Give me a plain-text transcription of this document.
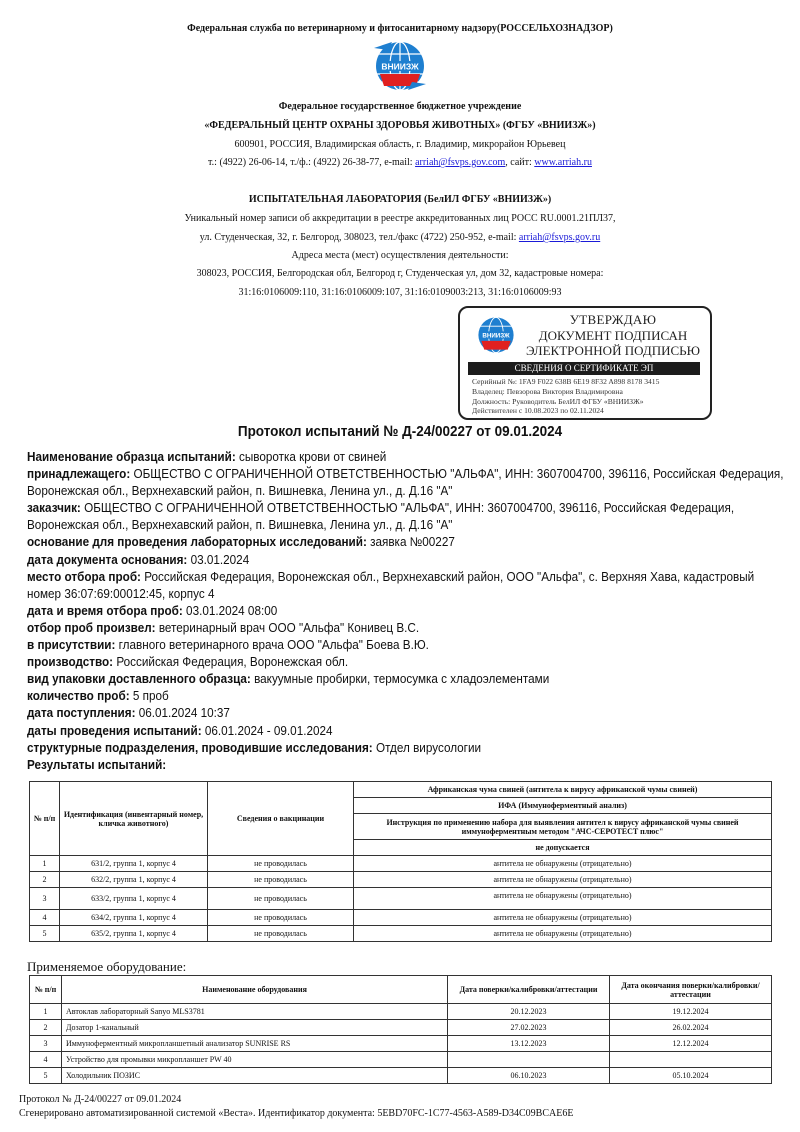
Федеральная служба по ветеринарному и фитосанитарному надзору(РОССЕЛЬХОЗНАДЗОР)
ВНИИЗЖ
Федеральное государственное бюджетное учреждение
«ФЕДЕРАЛЬНЫЙ ЦЕНТР ОХРАНЫ ЗДОРОВЬЯ ЖИВОТНЫХ» (ФГБУ «ВНИИЗЖ»)
600901, РОССИЯ, Владимирская область, г. Владимир, микрорайон Юрьевец
т.: (4922) 26-06-14, т./ф.: (4922) 26-38-77, e-mail: arriah@fsvps.gov.com, сайт: www.arriah.ru
ИСПЫТАТЕЛЬНАЯ ЛАБОРАТОРИЯ (БелИЛ ФГБУ «ВНИИЗЖ»)
Уникальный номер записи об аккредитации в реестре аккредитованных лиц РОСС RU.0001.21ПЛ37,
ул. Студенческая, 32, г. Белгород, 308023, тел./факс (4722) 250-952, e-mail: arriah@fsvps.gov.ru
Адреса места (мест) осуществления деятельности:
308023, РОССИЯ, Белгородская обл, Белгород г, Студенческая ул, дом 32, кадастровые номера:
31:16:0106009:110, 31:16:0106009:107, 31:16:0109003:213, 31:16:0106009:93
ВНИИЗЖ
УТВЕРЖДАЮ
ДОКУМЕНТ ПОДПИСАН
ЭЛЕКТРОННОЙ ПОДПИСЬЮ
СВЕДЕНИЯ О СЕРТИФИКАТЕ ЭП
Серийный №: 1FA9 F022 638B 6E19 8F32 A898 8178 3415
Владелец: Певзорова Виктория Владимировна
Должность: Руководитель БелИЛ ФГБУ «ВНИИЗЖ»
Действителен с 10.08.2023 по 02.11.2024
Протокол испытаний № Д-24/00227 от 09.01.2024
Наименование образца испытаний: сыворотка крови от свиней
принадлежащего: ОБЩЕСТВО С ОГРАНИЧЕННОЙ ОТВЕТСТВЕННОСТЬЮ "АЛЬФА", ИНН: 3607004700, 396116, Российская Федерация, Воронежская обл., Верхнехавский район, п. Вишневка, Ленина ул., д. Д.16 "А"
заказчик: ОБЩЕСТВО С ОГРАНИЧЕННОЙ ОТВЕТСТВЕННОСТЬЮ "АЛЬФА", ИНН: 3607004700, 396116, Российская Федерация, Воронежская обл., Верхнехавский район, п. Вишневка, Ленина ул., д. Д.16 "А"
основание для проведения лабораторных исследований: заявка №00227
дата документа основания: 03.01.2024
место отбора проб: Российская Федерация, Воронежская обл., Верхнехавский район, ООО "Альфа", с. Верхняя Хава, кадастровый номер 36:07:69:00012:45, корпус 4
дата и время отбора проб: 03.01.2024 08:00
отбор проб произвел: ветеринарный врач ООО "Альфа" Конивец В.С.
в присутствии: главного ветеринарного врача ООО "Альфа" Боева В.Ю.
производство: Российская Федерация, Воронежская обл.
вид упаковки доставленного образца: вакуумные пробирки, термосумка с хладоэлементами
количество проб: 5 проб
дата поступления: 06.01.2024 10:37
даты проведения испытаний: 06.01.2024 - 09.01.2024
структурные подразделения, проводившие исследования: Отдел вирусологии
Результаты испытаний:
№ п/п	Идентификация (инвентарный номер, кличка животного)	Сведения о вакцинации	Африканская чума свиней (антитела к вирусу африканской чумы свиней)
			ИФА (Иммуноферментный анализ)
			Инструкция по применению набора для выявления антител к вирусу африканской чумы свиней иммуноферментным методом "АЧС-СЕРОТЕСТ плюс"
			не допускается
1	631/2, группа 1, корпус 4	не проводилась	антитела не обнаружены (отрицательно)
2	632/2, группа 1, корпус 4	не проводилась	антитела не обнаружены (отрицательно)
3	633/2, группа 1, корпус 4	не проводилась	антитела не обнаружены (отрицательно)
4	634/2, группа 1, корпус 4	не проводилась	антитела не обнаружены (отрицательно)
5	635/2, группа 1, корпус 4	не проводилась	антитела не обнаружены (отрицательно)
Применяемое оборудование:
№ п/п	Наименование оборудования	Дата поверки/калибровки/аттестации	Дата окончания поверки/калибровки/аттестации
1	Автоклав лабораторный Sanyo MLS3781	20.12.2023	19.12.2024
2	Дозатор 1-канальный	27.02.2023	26.02.2024
3	Иммуноферментный микропланшетный анализатор SUNRISE RS	13.12.2023	12.12.2024
4	Устройство для промывки микропланшет PW 40		
5	Холодильник ПОЗИС	06.10.2023	05.10.2024
Протокол № Д-24/00227 от 09.01.2024
Сгенерировано автоматизированной системой «Веста». Идентификатор документа: 5EBD70FC-1C77-4563-A589-D34C09BCAE6E
